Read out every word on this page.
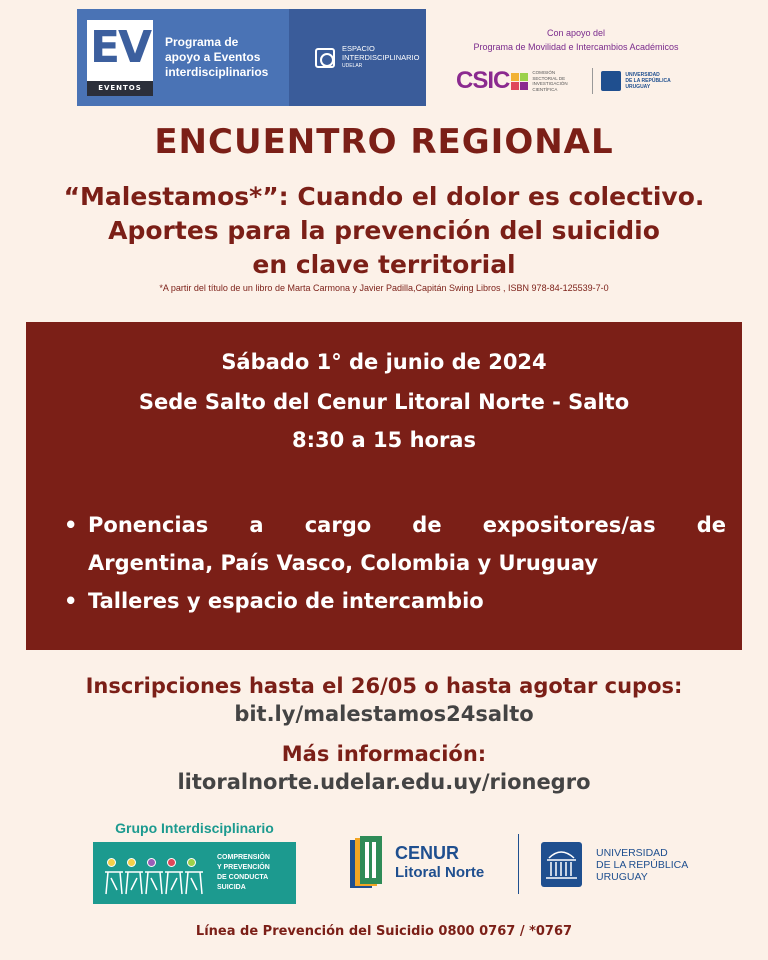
EV
EVENTOS
Programa de
apoyo a Eventos
interdisciplinarios
ESPACIO
INTERDISCIPLINARIO
UDELAR
Con apoyo del
Programa de Movilidad e Intercambios Académicos
CSIC	COMISIÓN
SECTORIAL DE
INVESTIGACIÓN
CIENTÍFICA
UNIVERSIDAD
DE LA REPÚBLICA
URUGUAY
ENCUENTRO REGIONAL
“Malestamos*”: Cuando el dolor es colectivo.
Aportes para la prevención del suicidio
en clave territorial
*A partir del título de un libro de Marta Carmona y Javier Padilla,Capitán Swing Libros , ISBN 978-84-125539-7-0
Sábado 1° de junio de 2024
Sede Salto del Cenur Litoral Norte - Salto
8:30 a 15 horas
• Ponencias a cargo de expositores/as de
• Talleres y espacio de intercambio
Argentina, País Vasco, Colombia y Uruguay
Inscripciones hasta el 26/05 o hasta agotar cupos:
bit.ly/malestamos24salto
Más información:
litoralnorte.udelar.edu.uy/rionegro
Grupo Interdisciplinario
COMPRENSIÓN
Y PREVENCIÓN
DE CONDUCTA
SUICIDA
CENUR
Litoral Norte
UNIVERSIDAD
DE LA REPÚBLICA
URUGUAY
Línea de Prevención del Suicidio 0800 0767 / *0767
